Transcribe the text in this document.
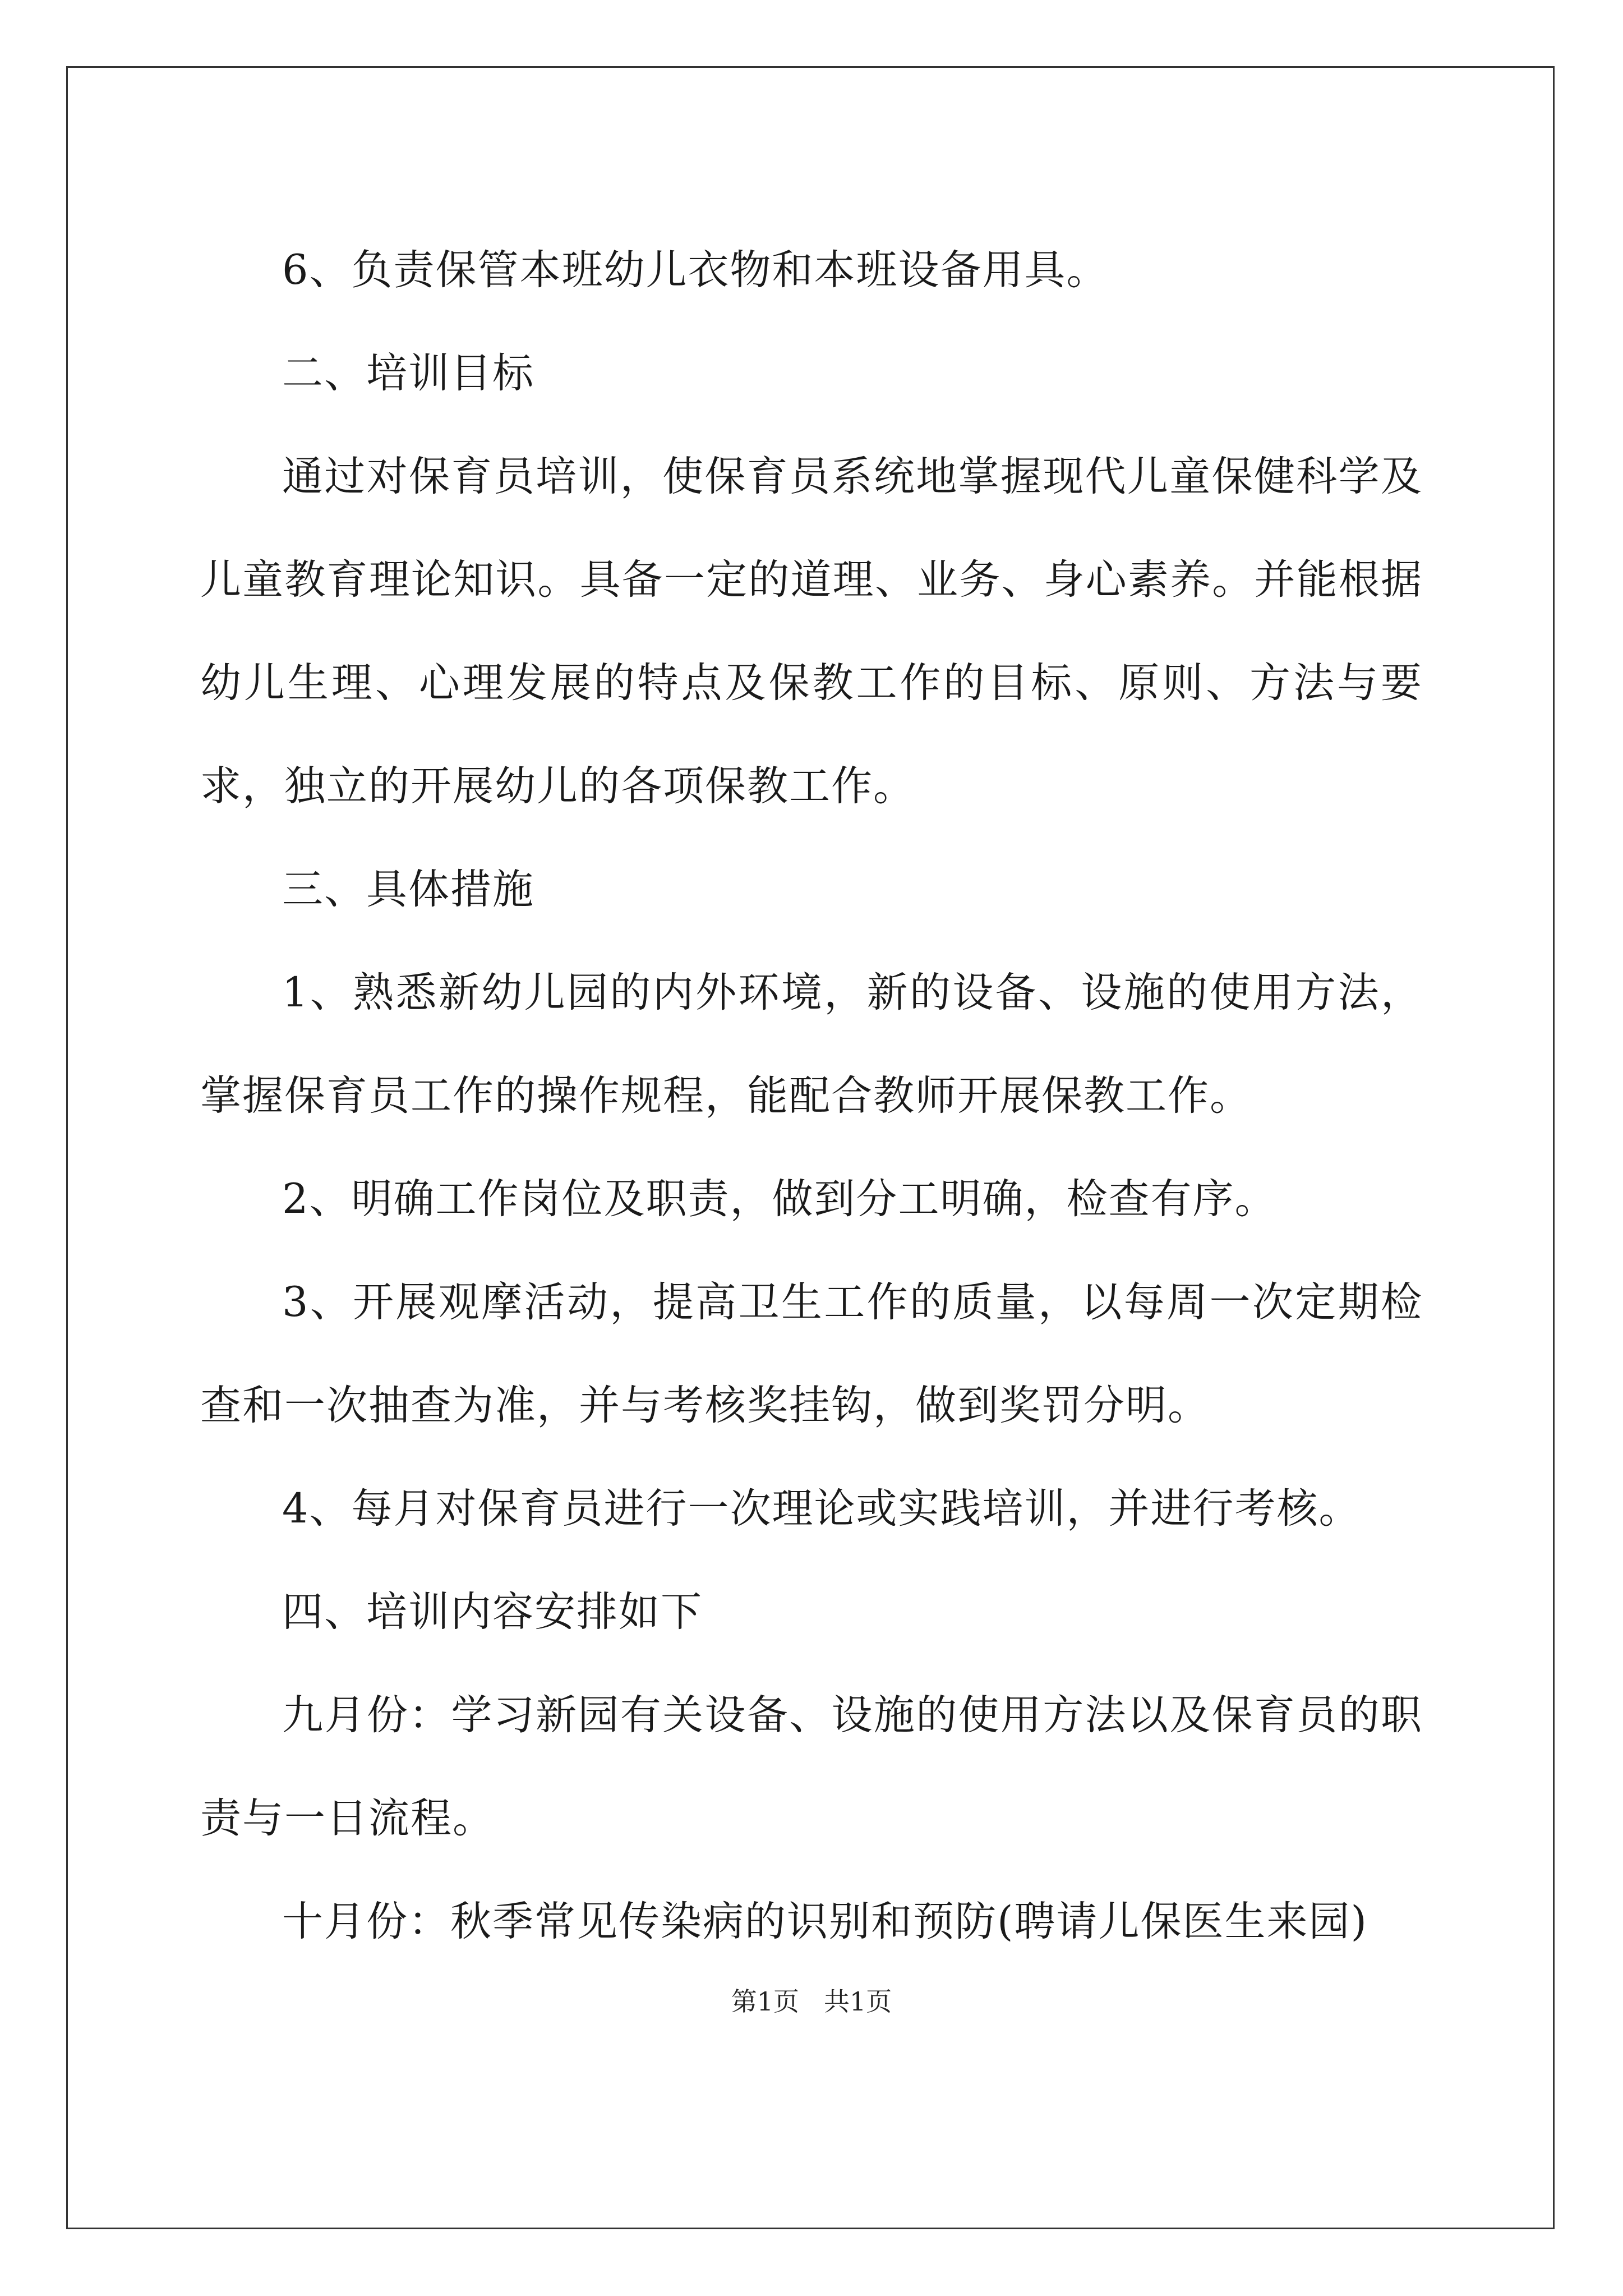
6、负责保管本班幼儿衣物和本班设备用具。

二、培训目标

通过对保育员培训，使保育员系统地掌握现代儿童保健科学及儿童教育理论知识。具备一定的道理、业务、身心素养。并能根据幼儿生理、心理发展的特点及保教工作的目标、原则、方法与要求，独立的开展幼儿的各项保教工作。

三、具体措施

1、熟悉新幼儿园的内外环境，新的设备、设施的使用方法，掌握保育员工作的操作规程，能配合教师开展保教工作。

2、明确工作岗位及职责，做到分工明确，检查有序。

3、开展观摩活动，提高卫生工作的质量，以每周一次定期检查和一次抽查为准，并与考核奖挂钩，做到奖罚分明。

4、每月对保育员进行一次理论或实践培训，并进行考核。

四、培训内容安排如下

九月份：学习新园有关设备、设施的使用方法以及保育员的职责与一日流程。

十月份：秋季常见传染病的识别和预防(聘请儿保医生来园)

第1页 共1页
